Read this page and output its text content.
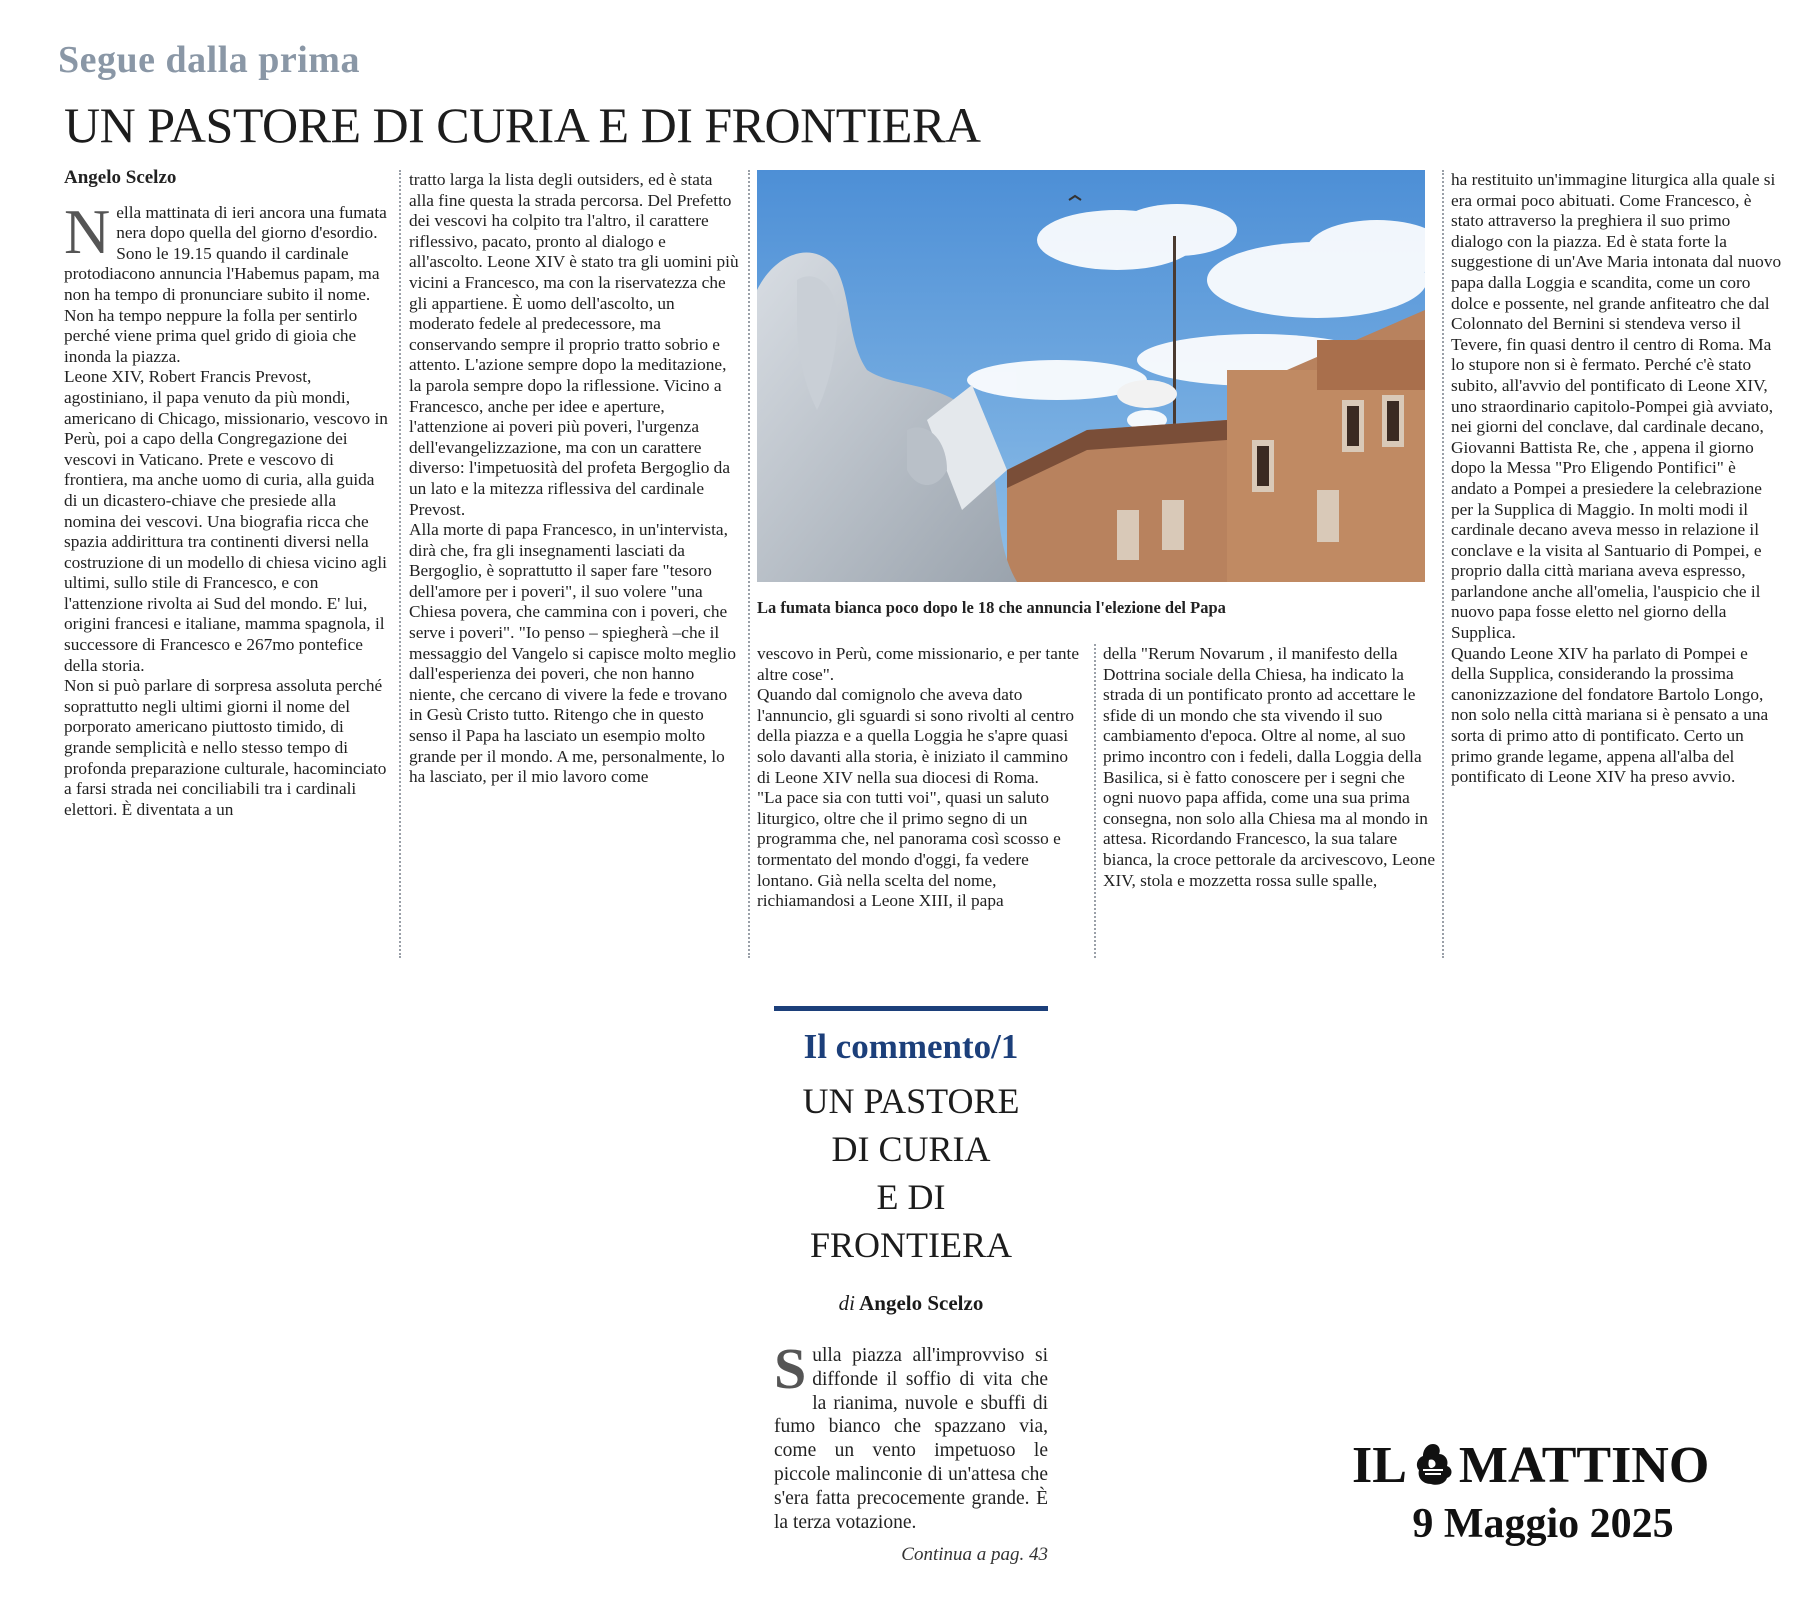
Segue dalla prima
UN PASTORE DI CURIA E DI FRONTIERA

Angelo Scelzo

Nella mattinata di ieri ancora una fumata nera dopo quella del giorno d'esordio. Sono le 19.15 quando il cardinale protodiacono annuncia l'Habemus papam, ma non ha tempo di pronunciare subito il nome. Non ha tempo neppure la folla per sentirlo perché viene prima quel grido di gioia che inonda la piazza.

Leone XIV, Robert Francis Prevost, agostiniano, il papa venuto da più mondi, americano di Chicago, missionario, vescovo in Perù, poi a capo della Congregazione dei vescovi in Vaticano. Prete e vescovo di frontiera, ma anche uomo di curia, alla guida di un dicastero-chiave che presiede alla nomina dei vescovi. Una biografia ricca che spazia addirittura tra continenti diversi nella costruzione di un modello di chiesa vicino agli ultimi, sullo stile di Francesco, e con l'attenzione rivolta ai Sud del mondo. E' lui, origini francesi e italiane, mamma spagnola, il successore di Francesco e 267mo pontefice della storia.

Non si può parlare di sorpresa assoluta perché soprattutto negli ultimi giorni il nome del porporato americano piuttosto timido, di grande semplicità e nello stesso tempo di profonda preparazione culturale, hacominciato a farsi strada nei conciliabili tra i cardinali elettori. È diventata a un

tratto larga la lista degli outsiders, ed è stata alla fine questa la strada percorsa. Del Prefetto dei vescovi ha colpito tra l'altro, il carattere riflessivo, pacato, pronto al dialogo e all'ascolto. Leone XIV è stato tra gli uomini più vicini a Francesco, ma con la riservatezza che gli appartiene. È uomo dell'ascolto, un moderato fedele al predecessore, ma conservando sempre il proprio tratto sobrio e attento. L'azione sempre dopo la meditazione, la parola sempre dopo la riflessione. Vicino a Francesco, anche per idee e aperture, l'attenzione ai poveri più poveri, l'urgenza dell'evangelizzazione, ma con un carattere diverso: l'impetuosità del profeta Bergoglio da un lato e la mitezza riflessiva del cardinale Prevost.

Alla morte di papa Francesco, in un'intervista, dirà che, fra gli insegnamenti lasciati da Bergoglio, è soprattutto il saper fare "tesoro dell'amore per i poveri", il suo volere "una Chiesa povera, che cammina con i poveri, che serve i poveri". "Io penso – spiegherà –che il messaggio del Vangelo si capisce molto meglio dall'esperienza dei poveri, che non hanno niente, che cercano di vivere la fede e trovano in Gesù Cristo tutto. Ritengo che in questo senso il Papa ha lasciato un esempio molto grande per il mondo. A me, personalmente, lo ha lasciato, per il mio lavoro come

La fumata bianca poco dopo le 18 che annuncia l'elezione del Papa

vescovo in Perù, come missionario, e per tante altre cose".

Quando dal comignolo che aveva dato l'annuncio, gli sguardi si sono rivolti al centro della piazza e a quella Loggia he s'apre quasi solo davanti alla storia, è iniziato il cammino di Leone XIV nella sua diocesi di Roma.

"La pace sia con tutti voi", quasi un saluto liturgico, oltre che il primo segno di un programma che, nel panorama così scosso e tormentato del mondo d'oggi, fa vedere lontano. Già nella scelta del nome, richiamandosi a Leone XIII, il papa

della "Rerum Novarum , il manifesto della Dottrina sociale della Chiesa, ha indicato la strada di un pontificato pronto ad accettare le sfide di un mondo che sta vivendo il suo cambiamento d'epoca. Oltre al nome, al suo primo incontro con i fedeli, dalla Loggia della Basilica, si è fatto conoscere per i segni che ogni nuovo papa affida, come una sua prima consegna, non solo alla Chiesa ma al mondo in attesa. Ricordando Francesco, la sua talare bianca, la croce pettorale da arcivescovo, Leone XIV, stola e mozzetta rossa sulle spalle,

ha restituito un'immagine liturgica alla quale si era ormai poco abituati. Come Francesco, è stato attraverso la preghiera il suo primo dialogo con la piazza. Ed è stata forte la suggestione di un'Ave Maria intonata dal nuovo papa dalla Loggia e scandita, come un coro dolce e possente, nel grande anfiteatro che dal Colonnato del Bernini si stendeva verso il Tevere, fin quasi dentro il centro di Roma. Ma lo stupore non si è fermato. Perché c'è stato subito, all'avvio del pontificato di Leone XIV, uno straordinario capitolo-Pompei già avviato, nei giorni del conclave, dal cardinale decano, Giovanni Battista Re, che , appena il giorno dopo la Messa "Pro Eligendo Pontifici" è andato a Pompei a presiedere la celebrazione per la Supplica di Maggio. In molti modi il cardinale decano aveva messo in relazione il conclave e la visita al Santuario di Pompei, e proprio dalla città mariana aveva espresso, parlandone anche all'omelia, l'auspicio che il nuovo papa fosse eletto nel giorno della Supplica.

Quando Leone XIV ha parlato di Pompei e della Supplica, considerando la prossima canonizzazione del fondatore Bartolo Longo, non solo nella città mariana si è pensato a una sorta di primo atto di pontificato. Certo un primo grande legame, appena all'alba del pontificato di Leone XIV ha preso avvio.

Il commento/1
UN PASTORE
DI CURIA
E DI FRONTIERA
di Angelo Scelzo
Sulla piazza all'improvviso si diffonde il soffio di vita che la rianima, nuvole e sbuffi di fumo bianco che spazzano via, come un vento impetuoso le piccole malinconie di un'attesa che s'era fatta precocemente grande. È la terza votazione.
Continua a pag. 43
IL MATTINO
9 Maggio 2025
